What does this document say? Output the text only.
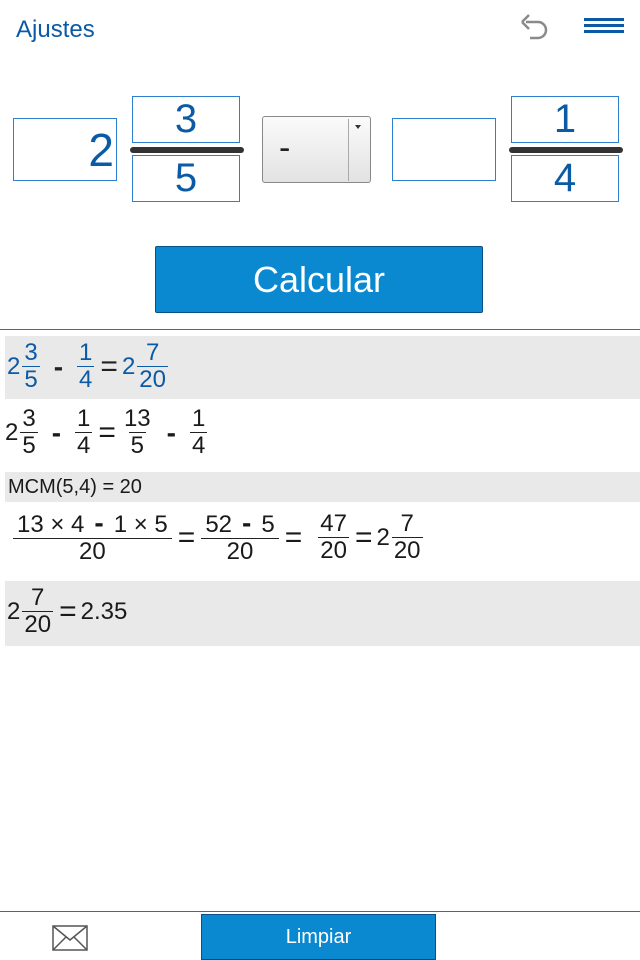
Ajustes
2
3
5
-
1
4
Calcular
$2 \frac{3}{5} - \frac{1}{4} = 2 \frac{7}{20}$
$2 \frac{3}{5} - \frac{1}{4} = \frac{13}{5} - \frac{1}{4}$
MCM(5,4) = 20
$\frac{13 \times 4 - 1 \times 5}{20} = \frac{52 - 5}{20} = \frac{47}{20} = 2 \frac{7}{20}$
$2 \frac{7}{20} = 2.35$
Limpiar
